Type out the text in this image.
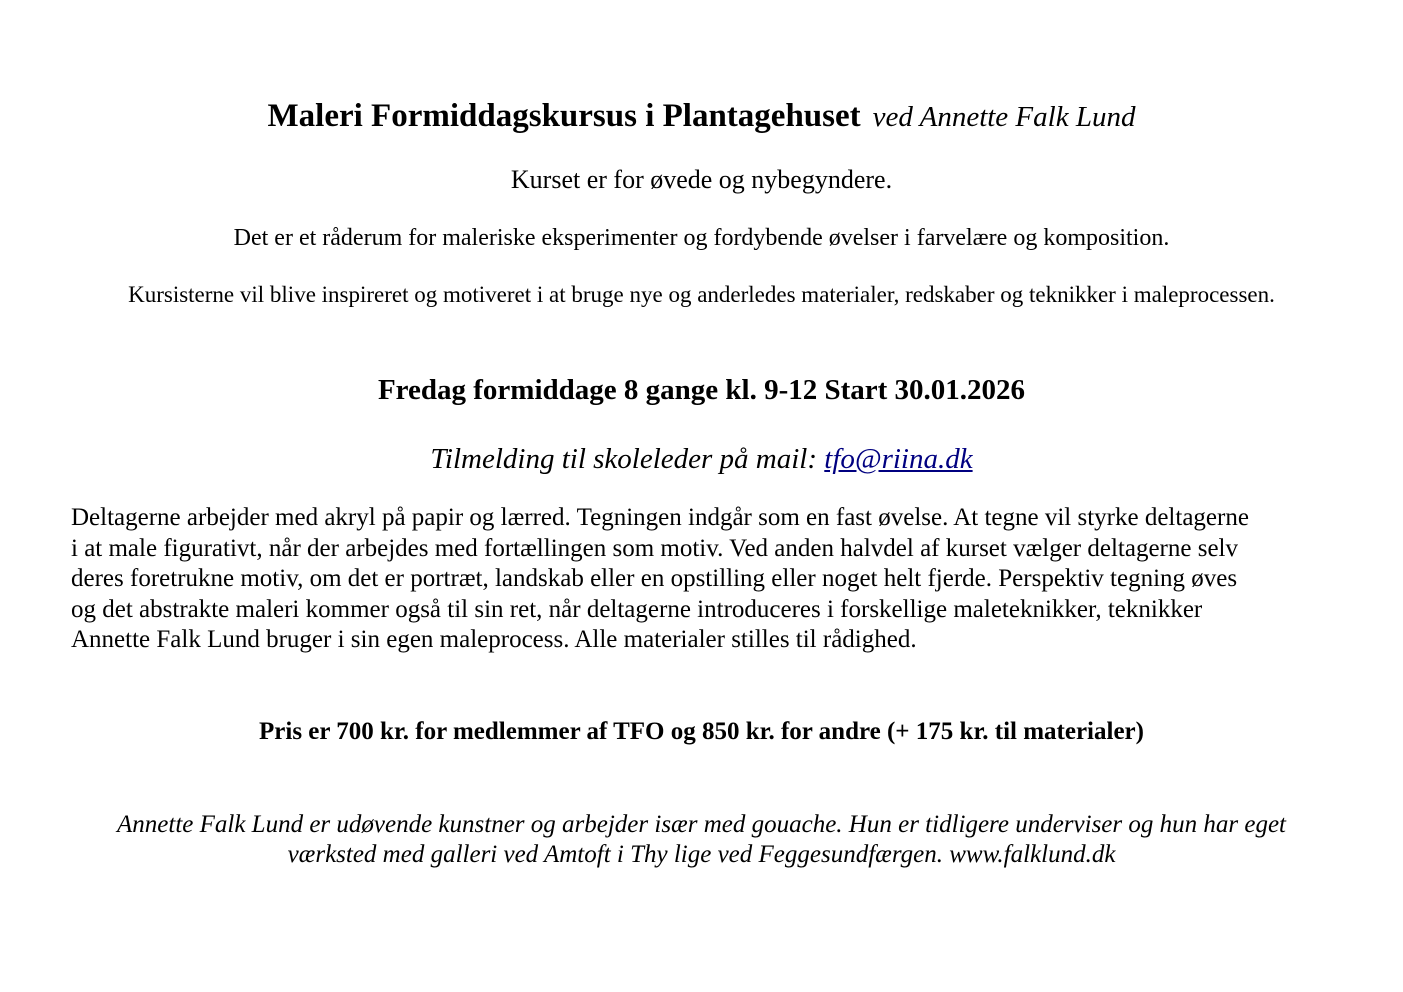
Maleri Formiddagskursus i Plantagehuset ved Annette Falk Lund

Kurset er for øvede og nybegyndere.

Det er et råderum for maleriske eksperimenter og fordybende øvelser i farvelære og komposition.

Kursisterne vil blive inspireret og motiveret i at bruge nye og anderledes materialer, redskaber og teknikker i maleprocessen.

Fredag formiddage 8 gange kl. 9-12 Start 30.01.2026

Tilmelding til skoleleder på mail: tfo@riina.dk

Deltagerne arbejder med akryl på papir og lærred. Tegningen indgår som en fast øvelse. At tegne vil styrke deltagerne
i at male figurativt, når der arbejdes med fortællingen som motiv. Ved anden halvdel af kurset vælger deltagerne selv
deres foretrukne motiv, om det er portræt, landskab eller en opstilling eller noget helt fjerde. Perspektiv tegning øves
og det abstrakte maleri kommer også til sin ret, når deltagerne introduceres i forskellige maleteknikker, teknikker
Annette Falk Lund bruger i sin egen maleprocess. Alle materialer stilles til rådighed.

Pris er 700 kr. for medlemmer af TFO og 850 kr. for andre (+ 175 kr. til materialer)

Annette Falk Lund er udøvende kunstner og arbejder især med gouache. Hun er tidligere underviser og hun har eget
værksted med galleri ved Amtoft i Thy lige ved Feggesundfærgen. www.falklund.dk
